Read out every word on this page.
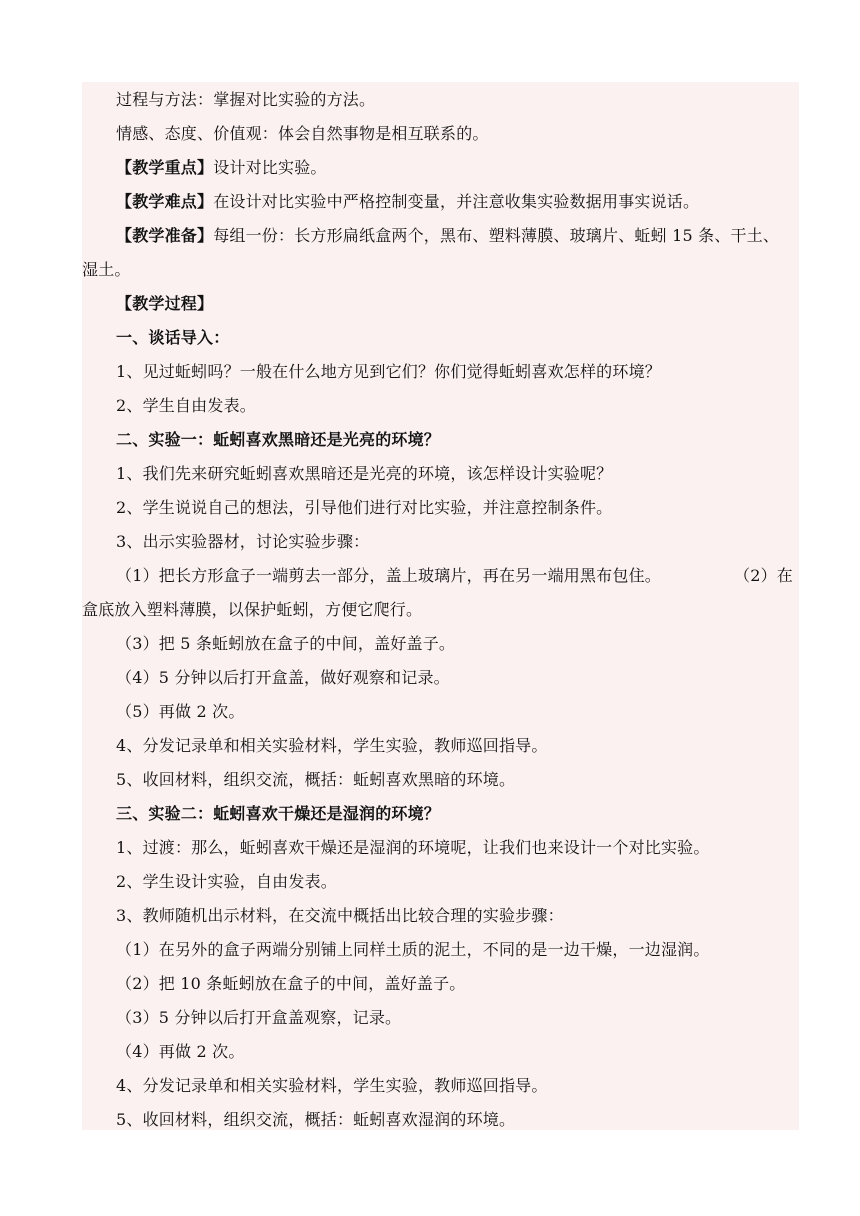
过程与方法：掌握对比实验的方法。
情感、态度、价值观：体会自然事物是相互联系的。
【教学重点】设计对比实验。
【教学难点】在设计对比实验中严格控制变量，并注意收集实验数据用事实说话。
【教学准备】每组一份：长方形扁纸盒两个，黑布、塑料薄膜、玻璃片、蚯蚓 15 条、干土、
湿土。
【教学过程】
一、谈话导入：
1、见过蚯蚓吗？一般在什么地方见到它们？你们觉得蚯蚓喜欢怎样的环境？
2、学生自由发表。
二、实验一：蚯蚓喜欢黑暗还是光亮的环境？
1、我们先来研究蚯蚓喜欢黑暗还是光亮的环境，该怎样设计实验呢？
2、学生说说自己的想法，引导他们进行对比实验，并注意控制条件。
3、出示实验器材，讨论实验步骤：
（1）把长方形盒子一端剪去一部分，盖上玻璃片，再在另一端用黑布包住。	（2）在
盒底放入塑料薄膜，以保护蚯蚓，方便它爬行。
（3）把 5 条蚯蚓放在盒子的中间，盖好盖子。
（4）5 分钟以后打开盒盖，做好观察和记录。
（5）再做 2 次。
4、分发记录单和相关实验材料，学生实验，教师巡回指导。
5、收回材料，组织交流，概括：蚯蚓喜欢黑暗的环境。
三、实验二：蚯蚓喜欢干燥还是湿润的环境？
1、过渡：那么，蚯蚓喜欢干燥还是湿润的环境呢，让我们也来设计一个对比实验。
2、学生设计实验，自由发表。
3、教师随机出示材料，在交流中概括出比较合理的实验步骤：
（1）在另外的盒子两端分别铺上同样土质的泥土，不同的是一边干燥，一边湿润。
（2）把 10 条蚯蚓放在盒子的中间，盖好盖子。
（3）5 分钟以后打开盒盖观察，记录。
（4）再做 2 次。
4、分发记录单和相关实验材料，学生实验，教师巡回指导。
5、收回材料，组织交流，概括：蚯蚓喜欢湿润的环境。
